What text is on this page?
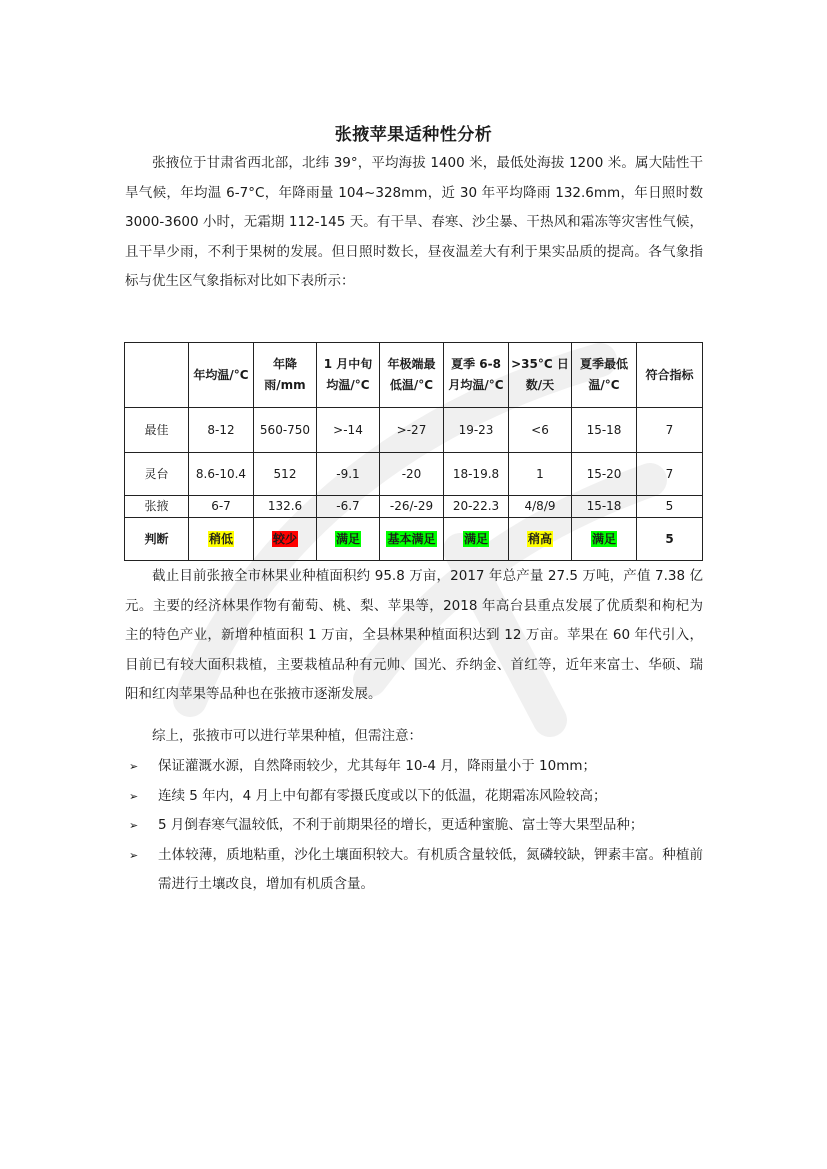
张掖苹果适种性分析
张掖位于甘肃省西北部，北纬 39°，平均海拔 1400 米，最低处海拔 1200 米。属大陆性干旱气候，年均温 6-7°C，年降雨量 104~328mm，近 30 年平均降雨 132.6mm，年日照时数 3000-3600 小时，无霜期 112-145 天。有干旱、春寒、沙尘暴、干热风和霜冻等灾害性气候，且干旱少雨，不利于果树的发展。但日照时数长，昼夜温差大有利于果实品质的提高。各气象指标与优生区气象指标对比如下表所示：
	年均温/°C	年降雨/mm	1 月中旬均温/°C	年极端最低温/°C	夏季 6-8 月均温/°C	>35°C 日数/天	夏季最低温/°C	符合指标
最佳	8-12	560-750	>-14	>-27	19-23	<6	15-18	7
灵台	8.6-10.4	512	-9.1	-20	18-19.8	1	15-20	7
张掖	6-7	132.6	-6.7	-26/-29	20-22.3	4/8/9	15-18	5
判断	稍低	较少	满足	基本满足	满足	稍高	满足	5
截止目前张掖全市林果业种植面积约 95.8 万亩，2017 年总产量 27.5 万吨，产值 7.38 亿元。主要的经济林果作物有葡萄、桃、梨、苹果等，2018 年高台县重点发展了优质梨和枸杞为主的特色产业，新增种植面积 1 万亩，全县林果种植面积达到 12 万亩。苹果在 60 年代引入，目前已有较大面积栽植，主要栽植品种有元帅、国光、乔纳金、首红等，近年来富士、华硕、瑞阳和红肉苹果等品种也在张掖市逐渐发展。
综上，张掖市可以进行苹果种植，但需注意：
➢ 保证灌溉水源，自然降雨较少，尤其每年 10-4 月，降雨量小于 10mm；
➢ 连续 5 年内，4 月上中旬都有零摄氏度或以下的低温，花期霜冻风险较高；
➢ 5 月倒春寒气温较低，不利于前期果径的增长，更适种蜜脆、富士等大果型品种；
➢ 土体较薄，质地粘重，沙化土壤面积较大。有机质含量较低，氮磷较缺，钾素丰富。种植前需进行土壤改良，增加有机质含量。
